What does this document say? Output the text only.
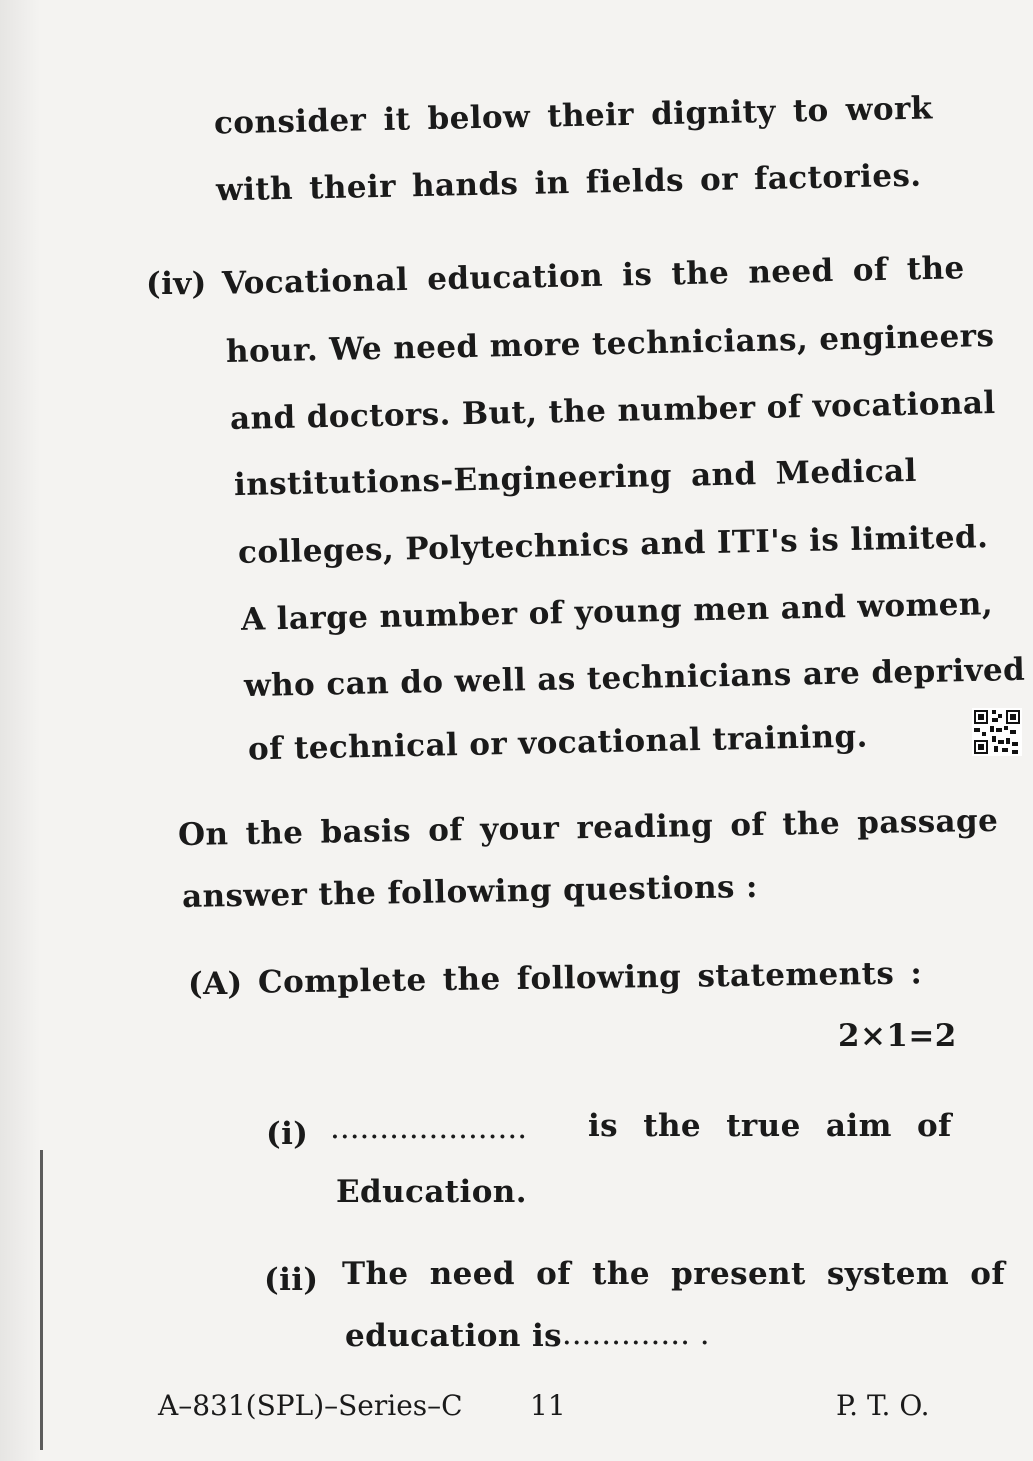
consider it below their dignity to work
with their hands in fields or factories.
(iv) Vocational education is the need of the
hour. We need more technicians, engineers
and doctors. But, the number of vocational
institutions-Engineering and Medical
colleges, Polytechnics and ITI's is limited.
A large number of young men and women,
who can do well as technicians are deprived
of technical or vocational training.
On the basis of your reading of the passage
answer the following questions :
(A) Complete the following statements :
2×1=2
(i) .................... is the true aim of
Education.
(ii) The need of the present system of
education is
.............. .
A–831(SPL)–Series–C 11	P. T. O.
